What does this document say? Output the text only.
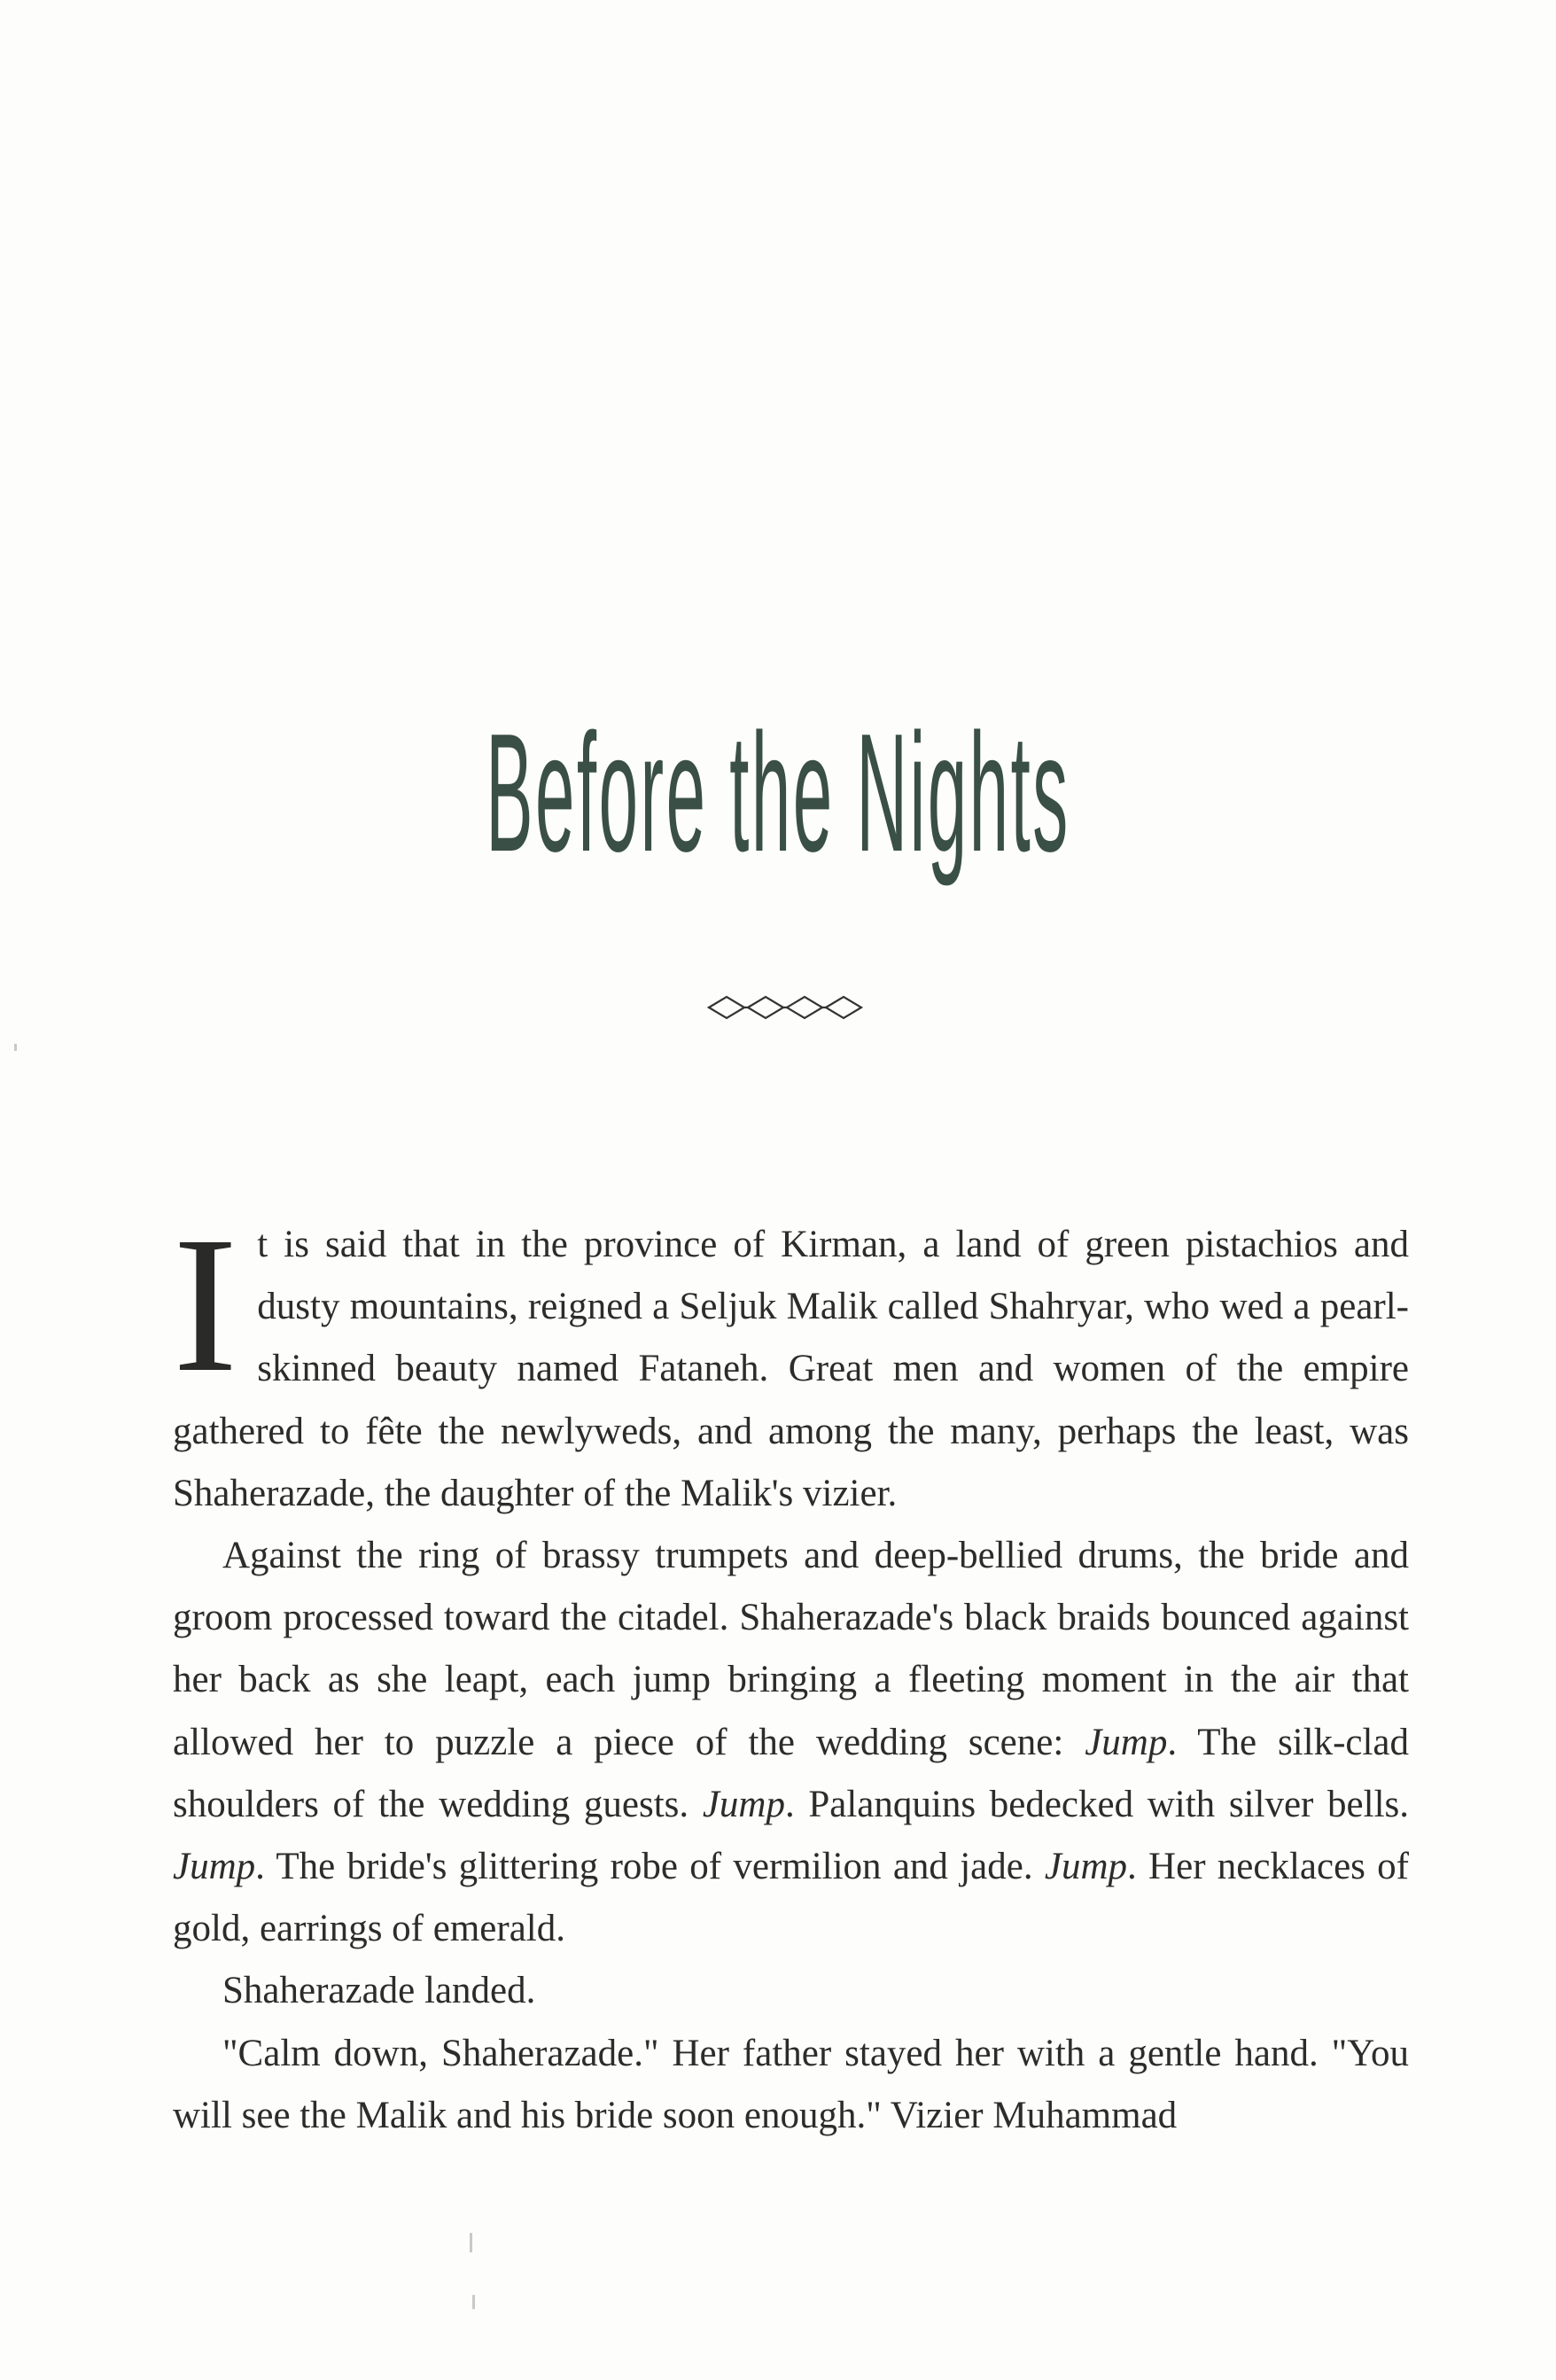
Before the Nights

It is said that in the province of Kirman, a land of green pistachios and dusty mountains, reigned a Seljuk Malik called Shahryar, who wed a pearl-skinned beauty named Fataneh. Great men and women of the empire gathered to fête the newlyweds, and among the many, perhaps the least, was Shaherazade, the daughter of the Malik's vizier.

Against the ring of brassy trumpets and deep-bellied drums, the bride and groom processed toward the citadel. Shaherazade's black braids bounced against her back as she leapt, each jump bringing a fleeting moment in the air that allowed her to puzzle a piece of the wedding scene: Jump. The silk-clad shoulders of the wedding guests. Jump. Palanquins bedecked with silver bells. Jump. The bride's glittering robe of vermilion and jade. Jump. Her necklaces of gold, earrings of emerald.

Shaherazade landed.

"Calm down, Shaherazade." Her father stayed her with a gentle hand. "You will see the Malik and his bride soon enough." Vizier Muhammad
